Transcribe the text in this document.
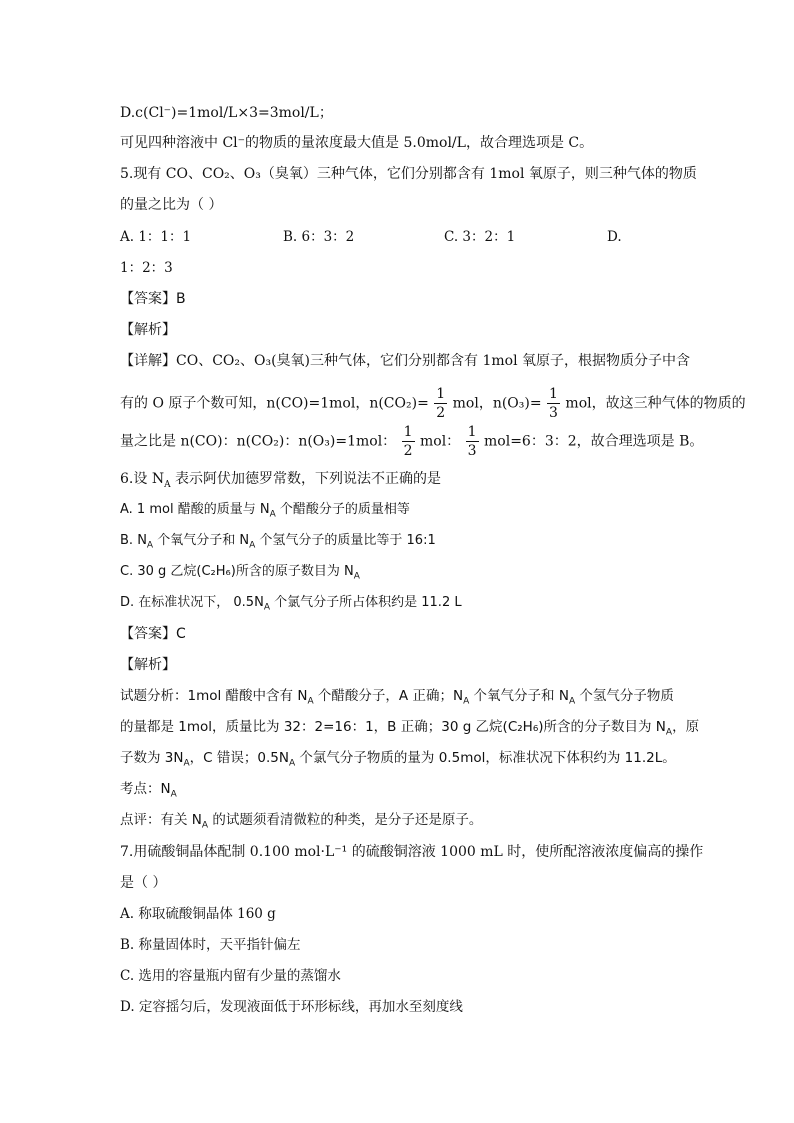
D.c(Cl⁻)=1mol/L×3=3mol/L；
可见四种溶液中 Cl⁻的物质的量浓度最大值是 5.0mol/L，故合理选项是 C。
5.现有 CO、CO₂、O₃（臭氧）三种气体，它们分别都含有 1mol 氧原子，则三种气体的物质
的量之比为（ ）
A. 1：1：1	B. 6：3：2	C. 3：2：1	D.
1：2：3
【答案】B
【解析】
【详解】CO、CO₂、O₃(臭氧)三种气体，它们分别都含有 1mol 氧原子，根据物质分子中含
有的 O 原子个数可知，n(CO)=1mol，$n(CO_2)= \frac{1}{2}$ mol，$n(O_3)= \frac{1}{3}$ mol，故这三种气体的物质的
量之比是 n(CO)：n(CO₂)：n(O₃)=1mol： $\frac{1}{2}$ mol： $\frac{1}{3} mol=6$：3：2，故合理选项是 B。
6.设 $N_A$ 表示阿伏加德罗常数，下列说法不正确的是
A. 1 mol 醋酸的质量与 $N_A$ 个醋酸分子的质量相等
B. $N_A$ 个氧气分子和 $N_A$ 个氢气分子的质量比等于 16:1
C. 30 g 乙烷(C₂H₆)所含的原子数目为 $N_A$
D. 在标准状况下， $0.5N_A$ 个氯气分子所占体积约是 11.2 L
【答案】C
【解析】
试题分析：1mol 醋酸中含有 $N_A$ 个醋酸分子，A 正确；$N_A$ 个氧气分子和 $N_A$ 个氢气分子物质
的量都是 1mol，质量比为 32：2=16：1，B 正确；30 g 乙烷(C₂H₆)所含的分子数目为 $N_A$，原
子数为 $3N_A$，C 错误；$0.5N_A$ 个氯气分子物质的量为 0.5mol，标准状况下体积约为 11.2L。
考点：$N_A$
点评：有关 $N_A$ 的试题须看清微粒的种类，是分子还是原子。
7.用硫酸铜晶体配制 0.100 mol·L⁻¹ 的硫酸铜溶液 1000 mL 时，使所配溶液浓度偏高的操作
是（ ）
A. 称取硫酸铜晶体 160 g
B. 称量固体时，天平指针偏左
C. 选用的容量瓶内留有少量的蒸馏水
D. 定容摇匀后，发现液面低于环形标线，再加水至刻度线
